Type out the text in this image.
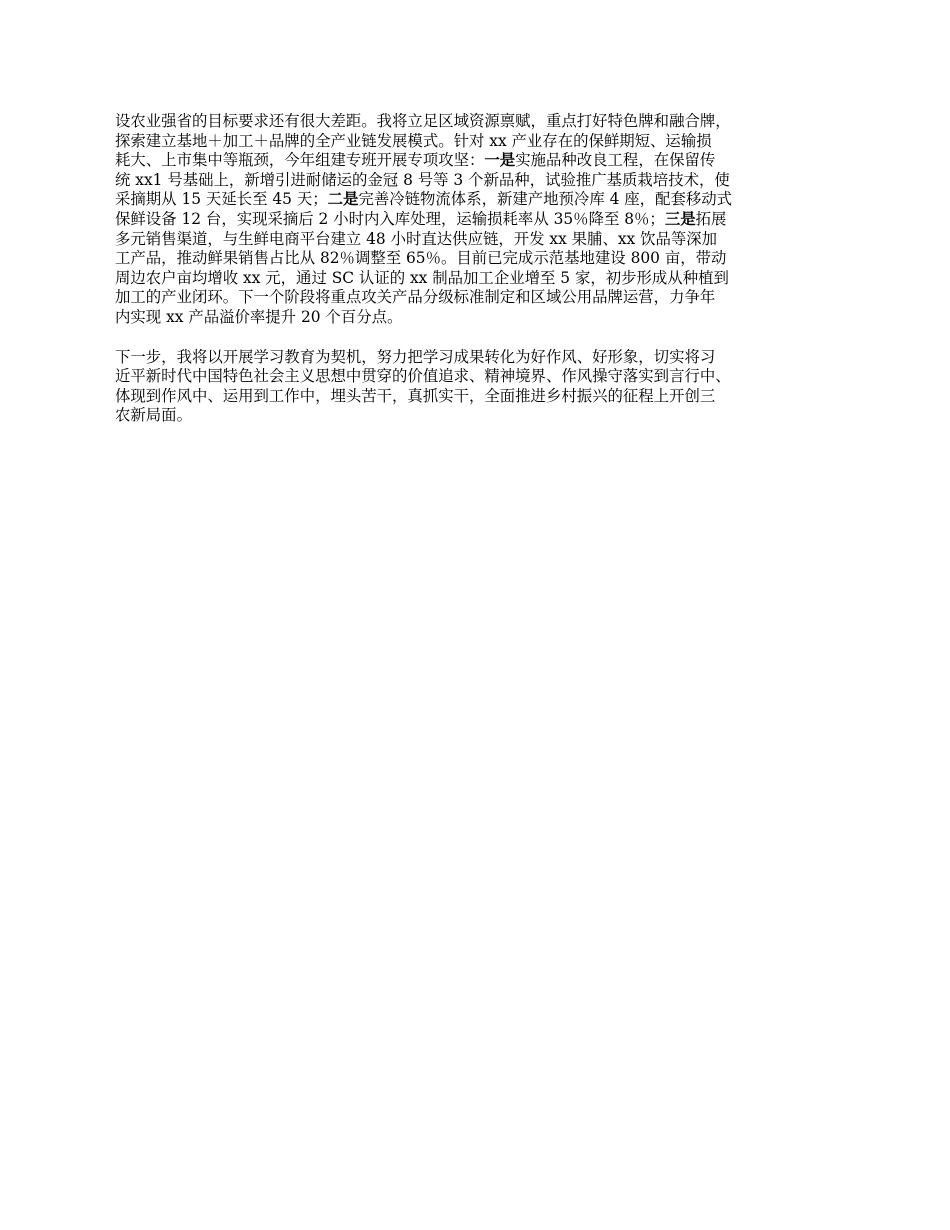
设农业强省的目标要求还有很大差距。我将立足区域资源禀赋，重点打好特色牌和融合牌，
探索建立基地＋加工＋品牌的全产业链发展模式。针对 xx 产业存在的保鲜期短、运输损
耗大、上市集中等瓶颈，今年组建专班开展专项攻坚：一是实施品种改良工程，在保留传
统 xx1 号基础上，新增引进耐储运的金冠 8 号等 3 个新品种，试验推广基质栽培技术，使
采摘期从 15 天延长至 45 天；二是完善冷链物流体系，新建产地预冷库 4 座，配套移动式
保鲜设备 12 台，实现采摘后 2 小时内入库处理，运输损耗率从 35％降至 8％；三是拓展
多元销售渠道，与生鲜电商平台建立 48 小时直达供应链，开发 xx 果脯、xx 饮品等深加
工产品，推动鲜果销售占比从 82％调整至 65％。目前已完成示范基地建设 800 亩，带动
周边农户亩均增收 xx 元，通过 SC 认证的 xx 制品加工企业增至 5 家，初步形成从种植到
加工的产业闭环。下一个阶段将重点攻关产品分级标准制定和区域公用品牌运营，力争年
内实现 xx 产品溢价率提升 20 个百分点。

下一步，我将以开展学习教育为契机，努力把学习成果转化为好作风、好形象，切实将习
近平新时代中国特色社会主义思想中贯穿的价值追求、精神境界、作风操守落实到言行中、
体现到作风中、运用到工作中，埋头苦干，真抓实干，全面推进乡村振兴的征程上开创三
农新局面。
